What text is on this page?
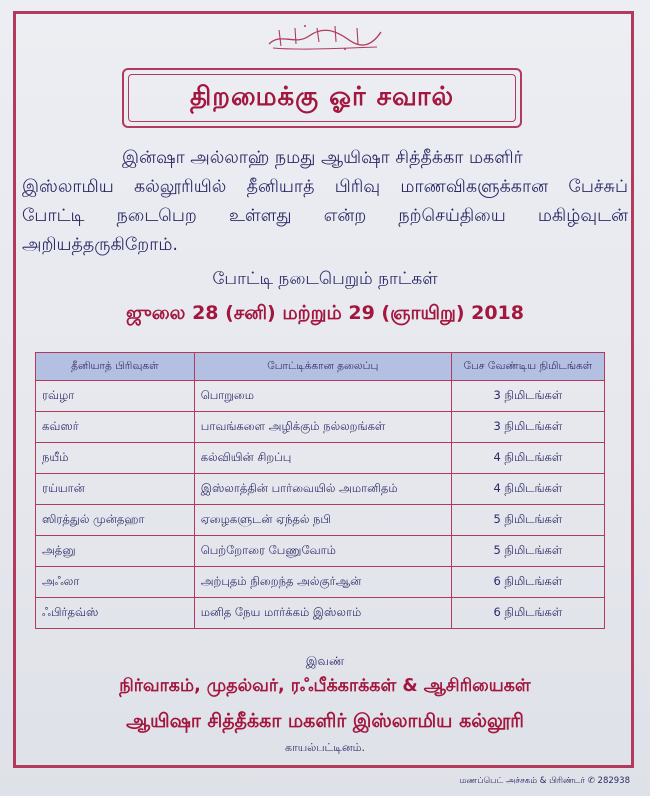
திறமைக்கு ஓர் சவால்
இன்ஷா அல்லாஹ் நமது ஆயிஷா சித்தீக்கா மகளிர்
இஸ்லாமிய கல்லூரியில் தீனியாத் பிரிவு மாணவிகளுக்கான பேச்சுப்
போட்டி நடைபெற உள்ளது என்ற நற்செய்தியை மகிழ்வுடன்
அறியத்தருகிறோம்.
போட்டி நடைபெறும் நாட்கள்
ஜுலை 28 (சனி) மற்றும் 29 (ஞாயிறு) 2018
தீனியாத் பிரிவுகள்	போட்டிக்கான தலைப்பு	பேச வேண்டிய நிமிடங்கள்
ரவ்ழா	பொறுமை	3 நிமிடங்கள்
கவ்ஸர்	பாவங்களை அழிக்கும் நல்லறங்கள்	3 நிமிடங்கள்
நயீம்	கல்வியின் சிறப்பு	4 நிமிடங்கள்
ரய்யான்	இஸ்லாத்தின் பார்வையில் அமானிதம்	4 நிமிடங்கள்
ஸிரத்துல் முன்தஹா	ஏழைகளுடன் ஏந்தல் நபி	5 நிமிடங்கள்
அத்னு	பெற்றோரை பேணுவோம்	5 நிமிடங்கள்
அஃலா	அற்புதம் நிறைந்த அல்குர்ஆன்	6 நிமிடங்கள்
ஃபிர்தவ்ஸ்	மனித நேய மார்க்கம் இஸ்லாம்	6 நிமிடங்கள்
இவண்
நிர்வாகம், முதல்வர், ரஃபீக்காக்கள் & ஆசிரியைகள்
ஆயிஷா சித்தீக்கா மகளிர் இஸ்லாமிய கல்லூரி
காயல்பட்டினம்.
மணப்பெட் அச்சகம் & பிரிண்டர் ✆ 282938
